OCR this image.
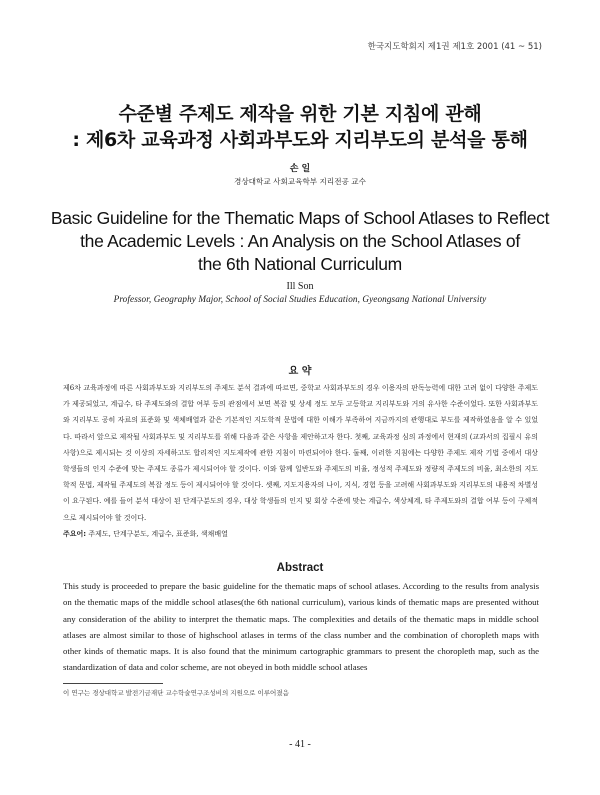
한국지도학회지 제1권 제1호 2001 (41 ~ 51)
수준별 주제도 제작을 위한 기본 지침에 관해
: 제6차 교육과정 사회과부도와 지리부도의 분석을 통해
손 일
경상대학교 사회교육학부 지리전공 교수
Basic Guideline for the Thematic Maps of School Atlases to Reflect
the Academic Levels : An Analysis on the School Atlases of
the 6th National Curriculum
Ill Son
Professor, Geography Major, School of Social Studies Education, Gyeongsang National University
요 약
제6차 교육과정에 따른 사회과부도와 지리부도의 주제도 분석 결과에 따르면, 중학교 사회과부도의 경우 이용자의 판독능력에 대한 고려 없이 다양한 주제도가 제공되었고, 계급수, 타 주제도와의 결합 여부 등의 관점에서 보면 복잡 및 상세 정도 모두 고등학교 지리부도와 거의 유사한 수준이었다. 또한 사회과부도와 지리부도 공히 자료의 표준화 및 색체배열과 같은 기본적인 지도학적 문법에 대한 이해가 부족하여 지금까지의 관행대로 부도를 제작하였음을 알 수 있었다. 따라서 앞으로 제작될 사회과부도 및 지리부도를 위해 다음과 같은 사항을 제안하고자 한다. 첫째, 교육과정 심의 과정에서 현재의 (교과서의 집필시 유의사항)으로 제시되는 것 이상의 자세하고도 합리적인 지도제작에 관한 지침이 마련되어야 한다. 둘째, 이러한 지침에는 다양한 주제도 제작 기법 중에서 대상 학생들의 인지 수준에 맞는 주제도 종류가 제시되어야 할 것이다. 이와 함께 일반도와 주제도의 비율, 정성적 주제도와 정량적 주제도의 비율, 최소한의 지도학적 문법, 제작될 주제도의 복잡 정도 등이 제시되어야 할 것이다. 셋째, 지도지용자의 나이, 지식, 경험 등을 고려해 사회과부도와 지리부도의 내용적 차별성이 요구된다. 예를 들어 분석 대상이 된 단계구분도의 경우, 대상 학생들의 인지 및 회상 수준에 맞는 계급수, 색상체계, 타 주제도와의 결합 여부 등이 구체적으로 제시되어야 할 것이다.
주요어: 주제도, 단계구분도, 계급수, 표준화, 색채배열
Abstract
This study is proceeded to prepare the basic guideline for the thematic maps of school atlases. According to the results from analysis on the thematic maps of the middle school atlases(the 6th national curriculum), various kinds of thematic maps are presented without any consideration of the ability to interpret the thematic maps. The complexities and details of the thematic maps in middle school atlases are almost similar to those of highschool atlases in terms of the class number and the combination of choropleth maps with other kinds of thematic maps. It is also found that the minimum cartographic grammars to present the choropleth map, such as the standardization of data and color scheme, are not obeyed in both middle school atlases
이 연구는 경상대학교 발전기금재단 교수학술연구조성비의 지원으로 이루어졌음
- 41 -
